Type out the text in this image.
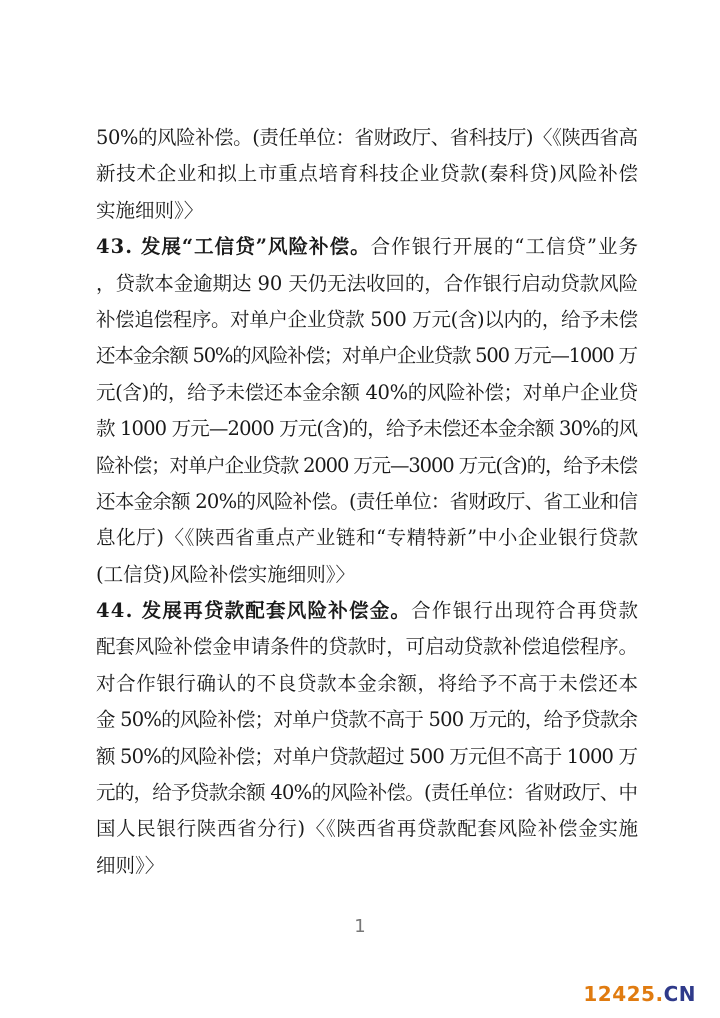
50%的风险补偿。(责任单位：省财政厅、省科技厅)〈《陕西省高
新技术企业和拟上市重点培育科技企业贷款(秦科贷)风险补偿
实施细则》〉
43. 发展“工信贷”风险补偿。 合作银行开展的“工信贷”业务
，贷款本金逾期达 90 天仍无法收回的，合作银行启动贷款风险
补偿追偿程序。对单户企业贷款 500 万元(含)以内的，给予未偿
还本金余额 50%的风险补偿；对单户企业贷款 500 万元—1000 万
元(含)的，给予未偿还本金余额 40%的风险补偿；对单户企业贷
款 1000 万元—2000 万元(含)的，给予未偿还本金余额 30%的风
险补偿；对单户企业贷款 2000 万元—3000 万元(含)的，给予未偿
还本金余额 20%的风险补偿。(责任单位：省财政厅、省工业和信
息化厅)〈《陕西省重点产业链和“专精特新”中小企业银行贷款
(工信贷)风险补偿实施细则》〉
44. 发展再贷款配套风险补偿金。 合作银行出现符合再贷款
配套风险补偿金申请条件的贷款时，可启动贷款补偿追偿程序。
对合作银行确认的不良贷款本金余额，将给予不高于未偿还本
金 50%的风险补偿；对单户贷款不高于 500 万元的，给予贷款余
额 50%的风险补偿；对单户贷款超过 500 万元但不高于 1000 万
元的，给予贷款余额 40%的风险补偿。(责任单位：省财政厅、中
国人民银行陕西省分行)〈《陕西省再贷款配套风险补偿金实施
细则》〉
1
12425.CN
